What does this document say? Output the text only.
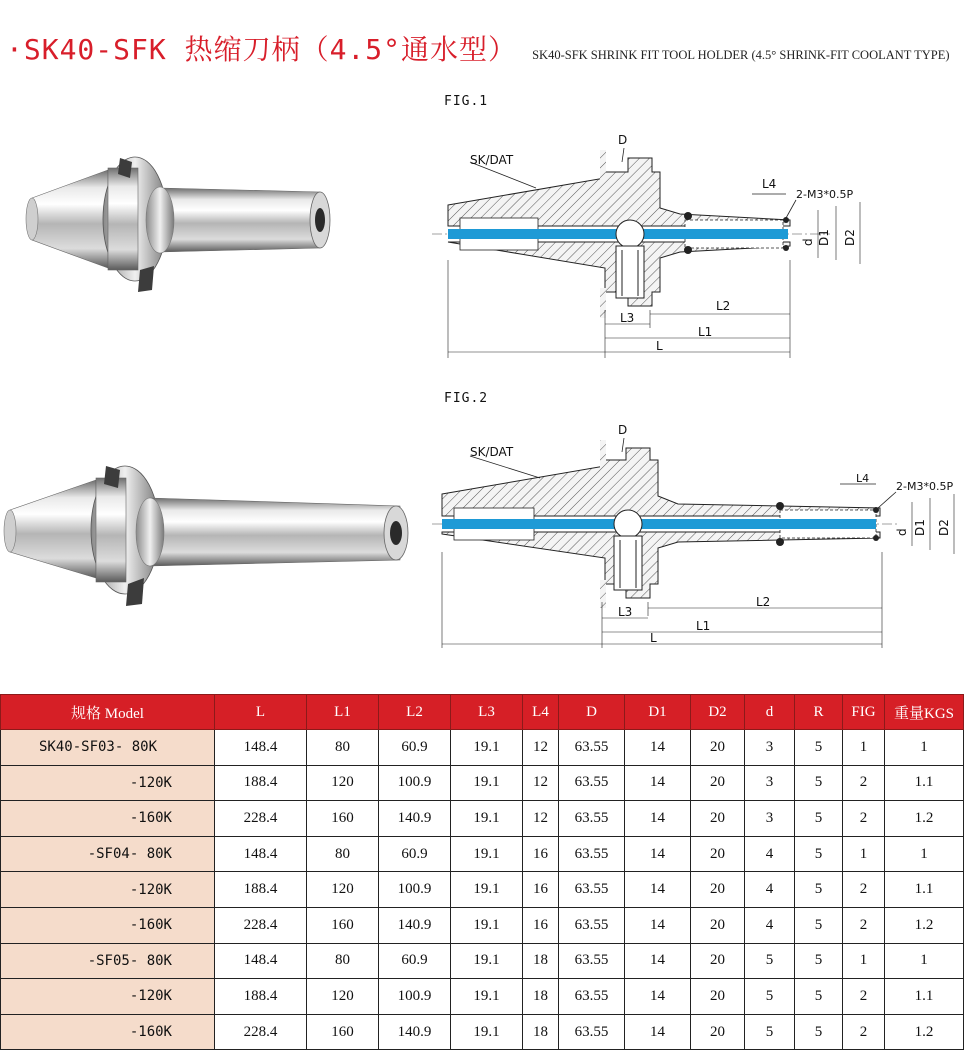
·SK40-SFK 热缩刀柄（4.5°通水型） SK40-SFK SHRINK FIT TOOL HOLDER (4.5° SHRINK-FIT COOLANT TYPE)
FIG.1
SK/DAT
D
L4
2-M3*0.5P
d D1 D2
L2
L3
L1
L
FIG.2
SK/DAT
D
L4
2-M3*0.5P
d D1 D2
L2
L3
L1
L
规格 Model	L	L1	L2	L3	L4	D	D1	D2	d	R	FIG	重量KGS
SK40-SF03- 80K	148.4	80	60.9	19.1	12	63.55	14	20	3	5	1	1
-120K	188.4	120	100.9	19.1	12	63.55	14	20	3	5	2	1.1
-160K	228.4	160	140.9	19.1	12	63.55	14	20	3	5	2	1.2
-SF04- 80K	148.4	80	60.9	19.1	16	63.55	14	20	4	5	1	1
-120K	188.4	120	100.9	19.1	16	63.55	14	20	4	5	2	1.1
-160K	228.4	160	140.9	19.1	16	63.55	14	20	4	5	2	1.2
-SF05- 80K	148.4	80	60.9	19.1	18	63.55	14	20	5	5	1	1
-120K	188.4	120	100.9	19.1	18	63.55	14	20	5	5	2	1.1
-160K	228.4	160	140.9	19.1	18	63.55	14	20	5	5	2	1.2
